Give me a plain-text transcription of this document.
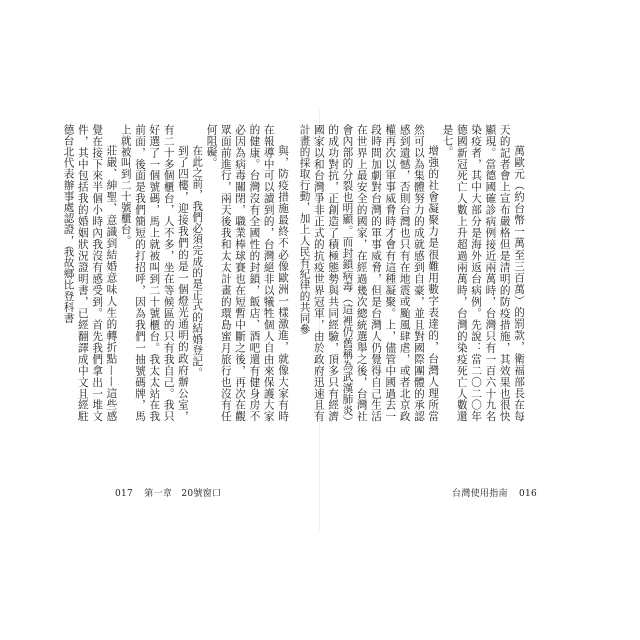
與，防疫措施最終不必像歐洲一樣激進，就像大家有時在報導中可以讀到的，台灣絕非以犧牲個人自由來保護大家的健康。台灣沒有全國性的封鎖，飯店、酒吧還有健身房不必因為病毒關閉，職業棒球賽也在短暫中斷之後，再次在觀眾面前進行，兩天後我和太太計畫的環島蜜月旅行也沒有任何阻礙。

在此之前，我們必須完成的是正式的結婚登記。

到了四樓，迎接我們的是一個燈光通明的政府辦公室，有二十多個櫃台，人不多，坐在等候區的只有我自己。我只好選了一個號碼，馬上就被叫到二十號櫃台。我太太站在我前面，後面是我們簡短的打招呼，因為我們一抽號碼牌，馬上就被叫到二十號櫃台。

莊嚴、紳聖、意識到結婚意味人生的轉折點——這些感覺在接下來半個小時內我沒有感受到。首先我們拿出一堆文件，其中包括我的婚姻狀況證明書，已經翻譯成中文且經駐德台北代表辦事處認證，我故鄉比登科書

017 第一章 20號窗口	台灣使用指南 016

萬歐元（約台幣一萬至三百萬）的罰款，衛福部長在每天的記者會上宣布嚴格但是清明的防疫措施，其效果也很快顯現。當德國確診病例接近兩萬時，台灣只有一百六十九名染疫者，其中大部分是海外返台病例。先說：當二〇二〇年德國新冠死亡人數上升超過兩萬時，台灣的染疫死亡人數還是七。

增強的社會凝聚力是很難用數字表達的，台灣人理所當然可以為集體努力的成就感到自豪，並且對國際團體的承認感到遺憾，否則台灣也只有在地震或颱風肆虐，或者北京政權再次以軍事威脅時才會有這種凝聚。上，儘管中國過去一段時間加劇對台灣的軍事威脅，但是台灣人仍覺得自己生活在世界上最安全的國家，在經過幾次總統選舉之後，台灣社會內部的分裂也明顯。而封鎖病毒（這裡仍舊稱為武漢肺炎）的成功對抗，正創造了積極態勢與共同經驗，頂多只有經濟國家以和台灣爭非正式的抗疫世界冠軍，由於政府迅速且有計畫的採取行動，加上人民有紀律的共同參
